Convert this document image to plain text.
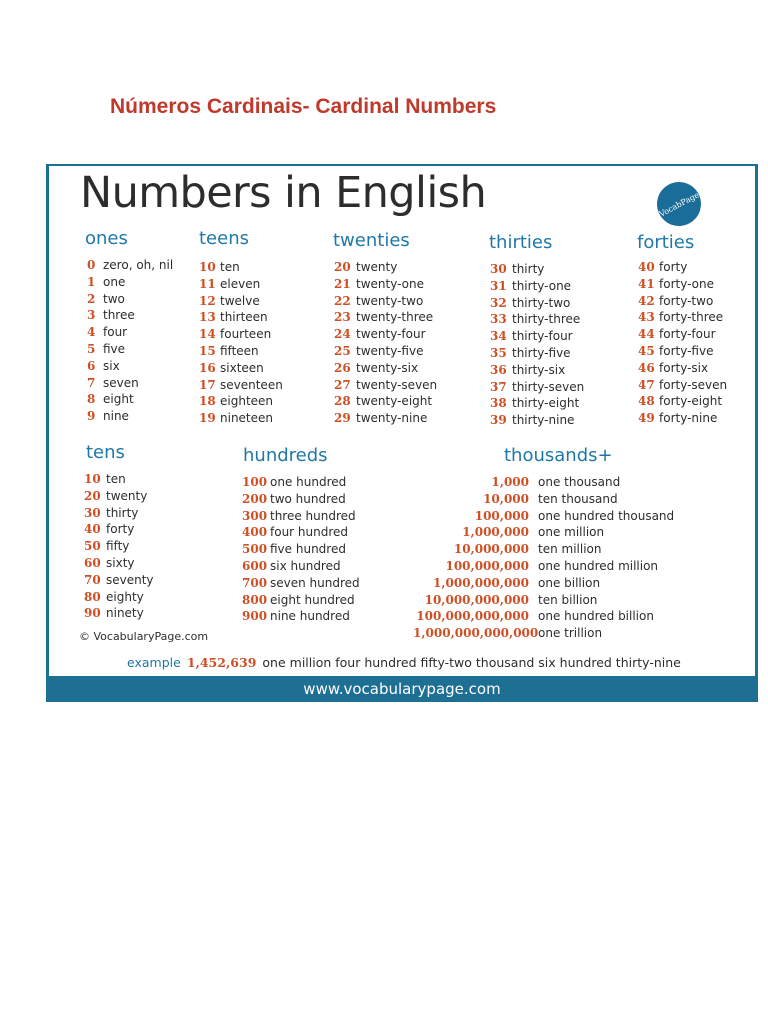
Números Cardinais- Cardinal Numbers
Numbers in English	VocabPage
ones
0 zero, oh, nil
1 one
2 two
3 three
4 four
5 five
6 six
7 seven
8 eight
9 nine
teens
10 ten
11 eleven
12 twelve
13 thirteen
14 fourteen
15 fifteen
16 sixteen
17 seventeen
18 eighteen
19 nineteen
twenties
20 twenty
21 twenty-one
22 twenty-two
23 twenty-three
24 twenty-four
25 twenty-five
26 twenty-six
27 twenty-seven
28 twenty-eight
29 twenty-nine
thirties
30 thirty
31 thirty-one
32 thirty-two
33 thirty-three
34 thirty-four
35 thirty-five
36 thirty-six
37 thirty-seven
38 thirty-eight
39 thirty-nine
forties
40 forty
41 forty-one
42 forty-two
43 forty-three
44 forty-four
45 forty-five
46 forty-six
47 forty-seven
48 forty-eight
49 forty-nine
tens
10 ten
20 twenty
30 thirty
40 forty
50 fifty
60 sixty
70 seventy
80 eighty
90 ninety
hundreds
100 one hundred
200 two hundred
300 three hundred
400 four hundred
500 five hundred
600 six hundred
700 seven hundred
800 eight hundred
900 nine hundred
thousands+
1,000 one thousand
10,000 ten thousand
100,000 one hundred thousand
1,000,000 one million
10,000,000 ten million
100,000,000 one hundred million
1,000,000,000 one billion
10,000,000,000 ten billion
100,000,000,000 one hundred billion
1,000,000,000,000one trillion
© VocabularyPage.com
example 1,452,639 one million four hundred fifty-two thousand six hundred thirty-nine
www.vocabularypage.com
